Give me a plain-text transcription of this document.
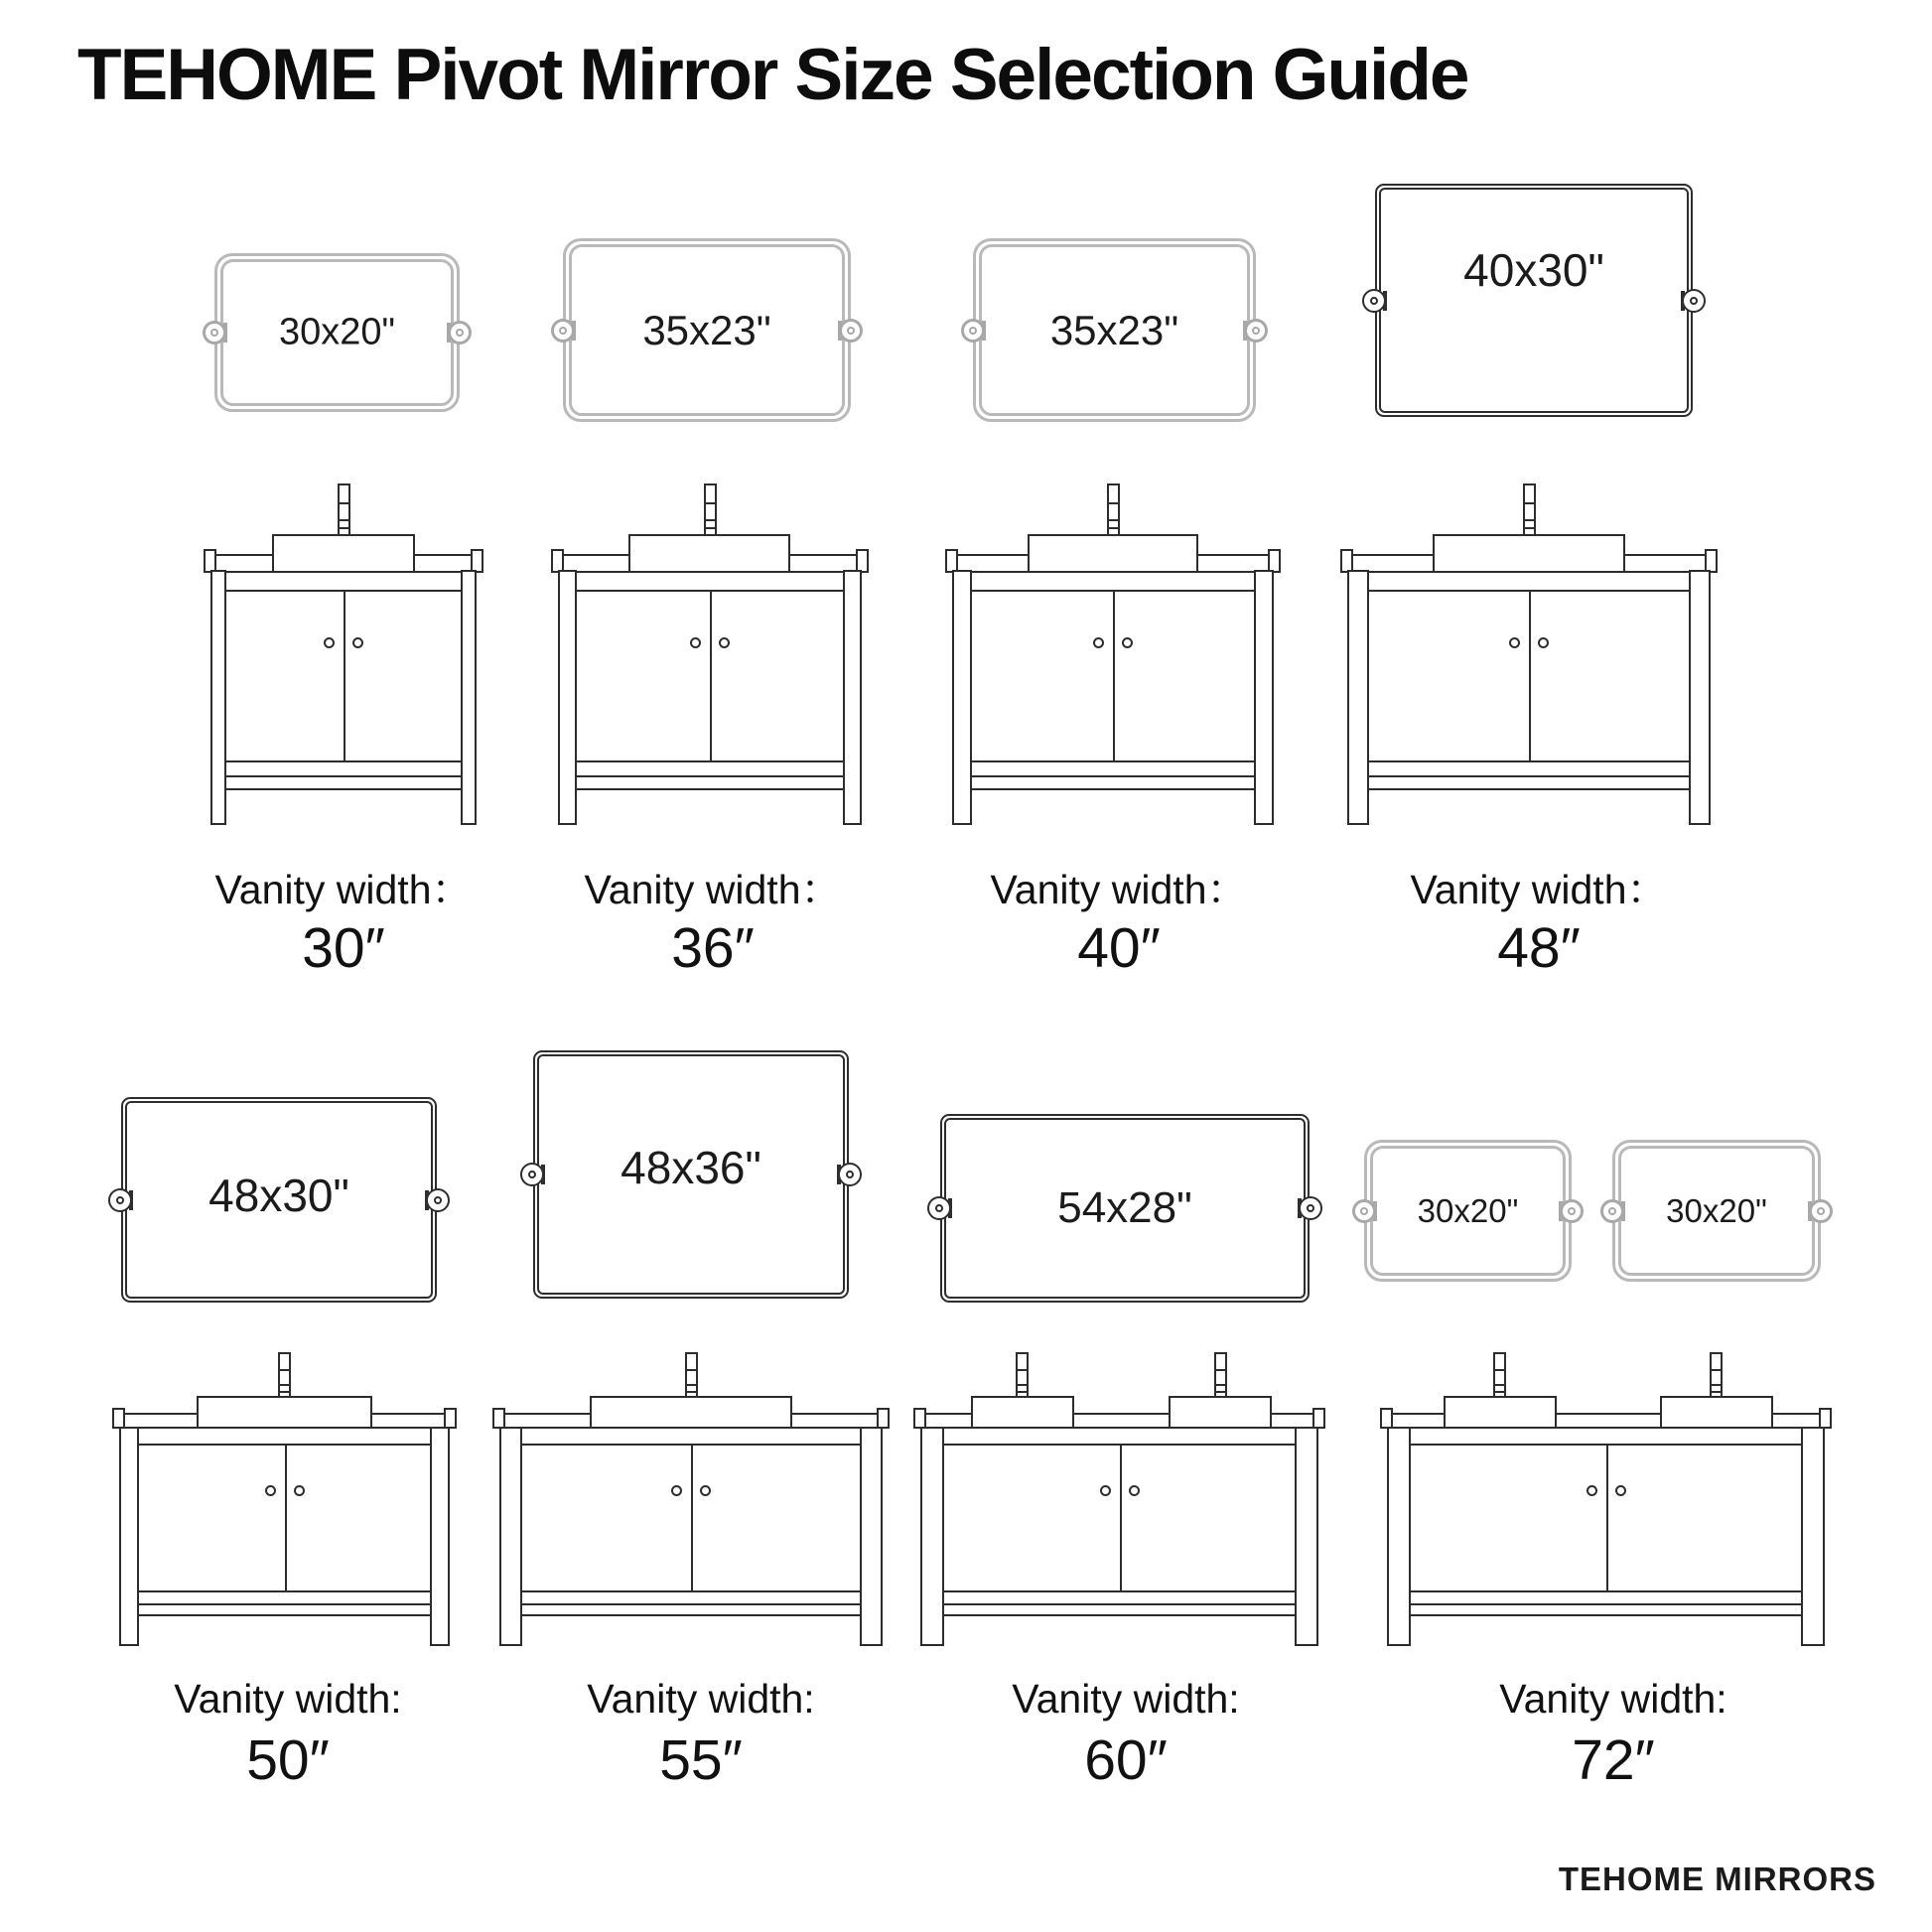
TEHOME Pivot Mirror Size Selection Guide
30x20"	35x23"	35x23"
40x30"
48x30"
48x36"
54x28"	30x20"	30x20"
Vanity width：
30″
Vanity width：
36″
Vanity width：
40″
Vanity width：
48″
Vanity width:
50″
Vanity width:
55″
Vanity width:
60″
Vanity width:
72″
TEHOME MIRRORS
